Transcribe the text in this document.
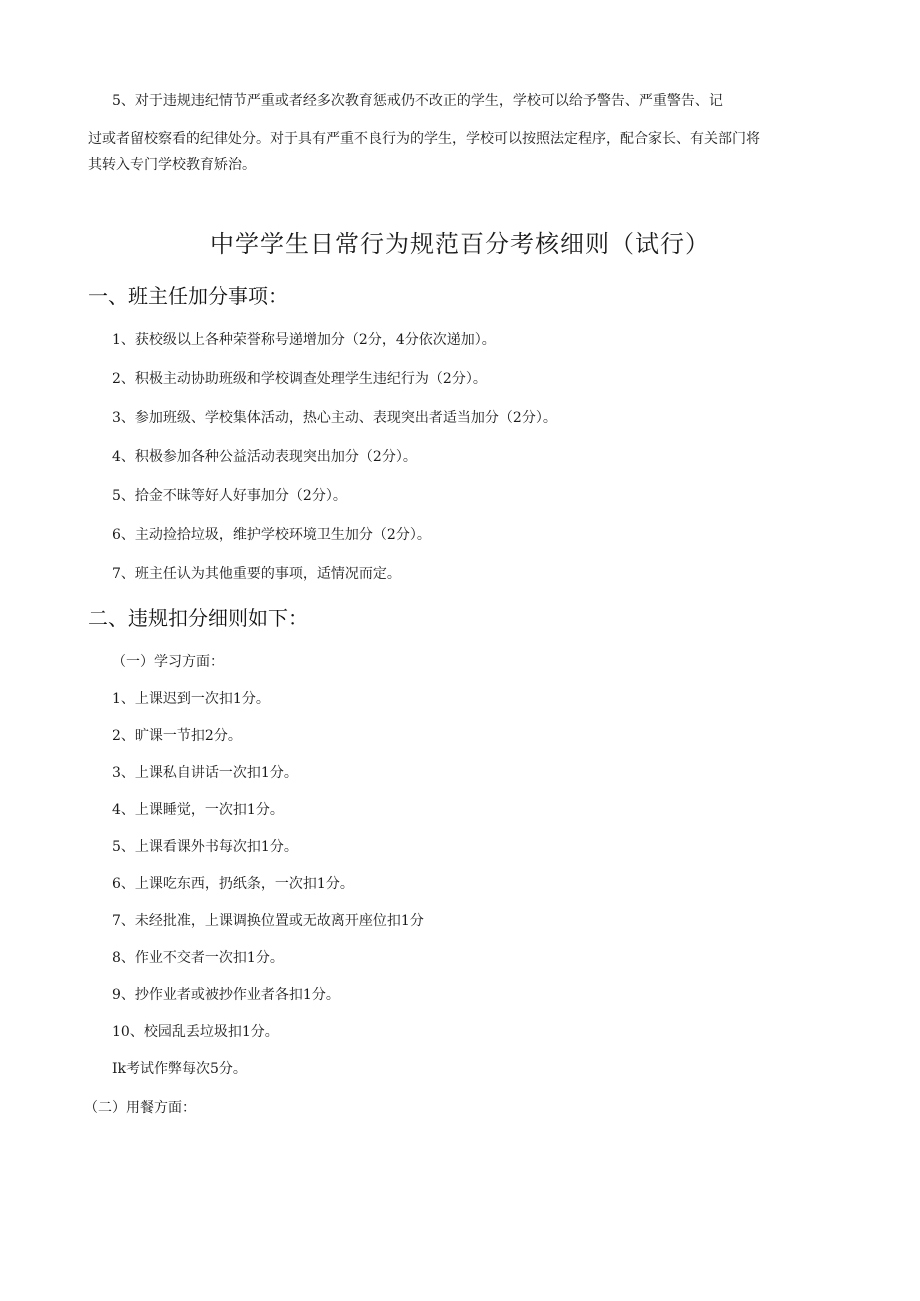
5、对于违规违纪情节严重或者经多次教育惩戒仍不改正的学生，学校可以给予警告、严重警告、记
过或者留校察看的纪律处分。对于具有严重不良行为的学生，学校可以按照法定程序，配合家长、有关部门将
其转入专门学校教育矫治。
中学学生日常行为规范百分考核细则（试行）
一、班主任加分事项：
1、获校级以上各种荣誉称号递增加分（2分，4分依次递加）。
2、积极主动协助班级和学校调查处理学生违纪行为（2分）。
3、参加班级、学校集体活动，热心主动、表现突出者适当加分（2分）。
4、积极参加各种公益活动表现突出加分（2分）。
5、拾金不昧等好人好事加分（2分）。
6、主动捡拾垃圾，维护学校环境卫生加分（2分）。
7、班主任认为其他重要的事项，适情况而定。
二、违规扣分细则如下：
（一）学习方面：
1、上课迟到一次扣1分。
2、旷课一节扣2分。
3、上课私自讲话一次扣1分。
4、上课睡觉，一次扣1分。
5、上课看课外书每次扣1分。
6、上课吃东西，扔纸条，一次扣1分。
7、未经批准，上课调换位置或无故离开座位扣1分
8、作业不交者一次扣1分。
9、抄作业者或被抄作业者各扣1分。
10、校园乱丢垃圾扣1分。
Ik考试作弊每次5分。
（二）用餐方面：
